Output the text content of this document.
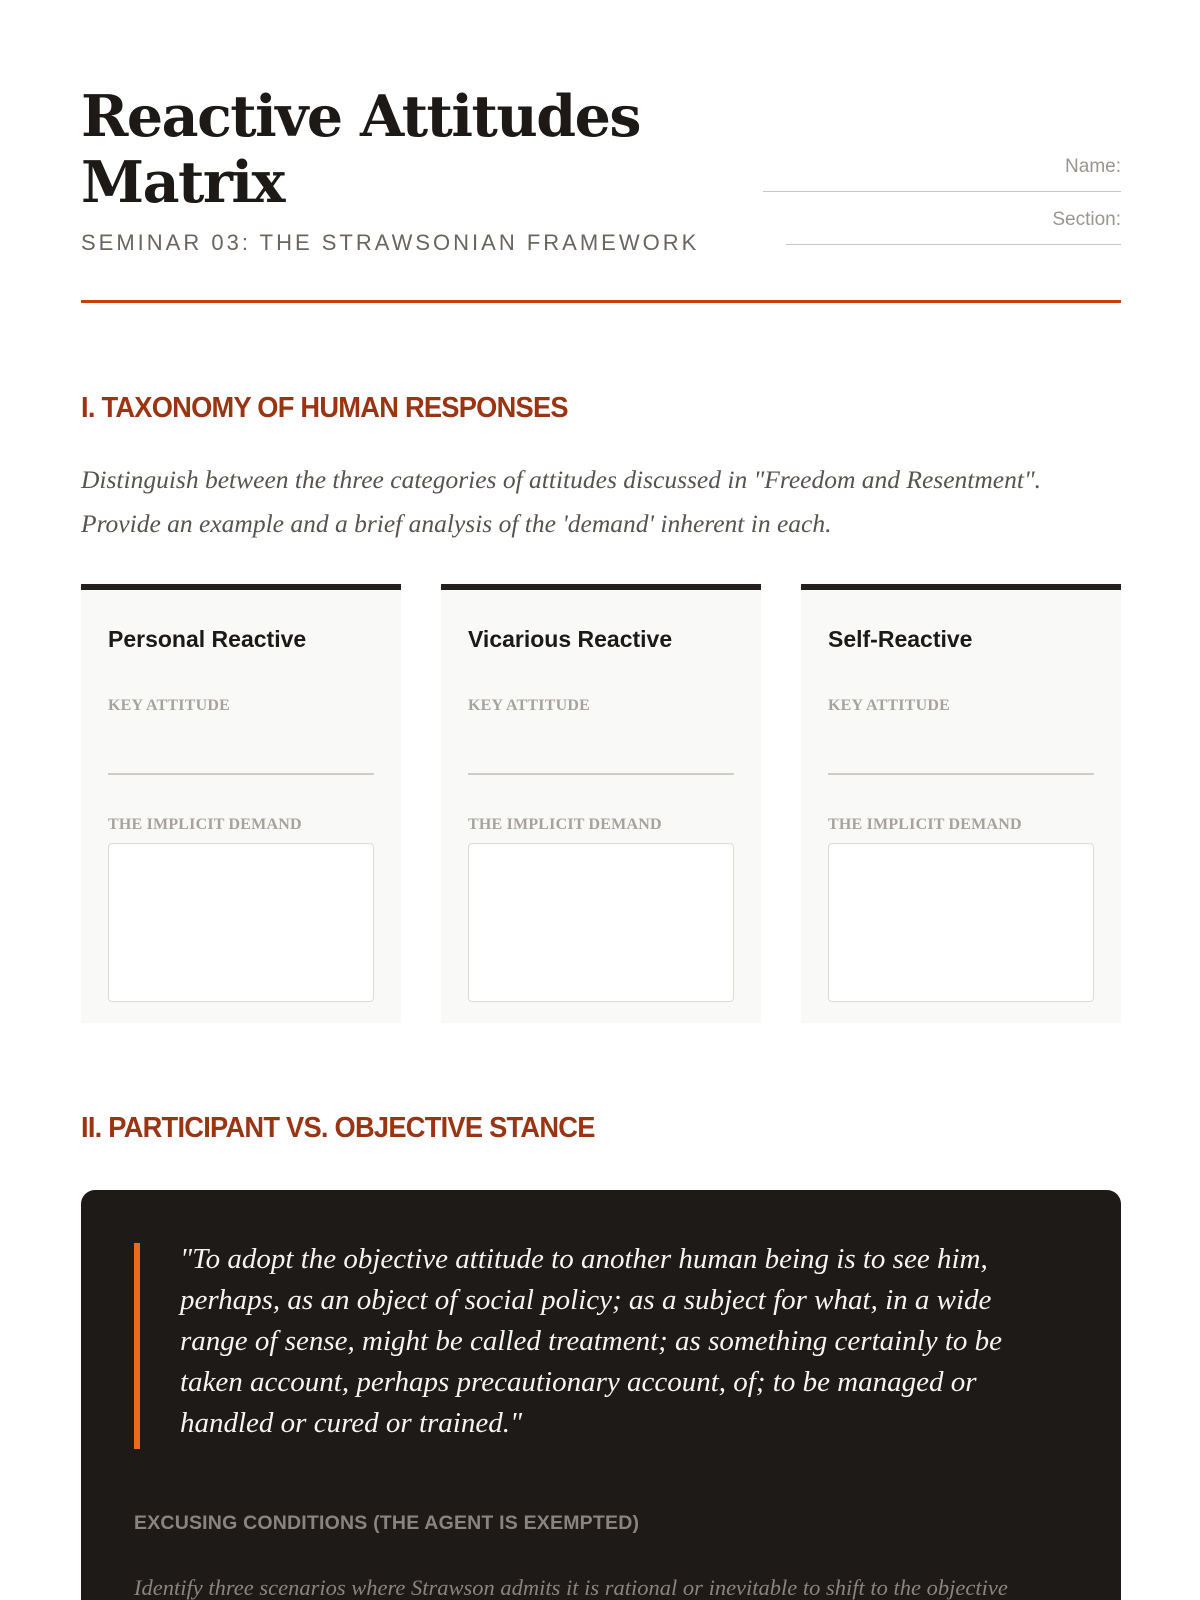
Reactive Attitudes Matrix
SEMINAR 03: THE STRAWSONIAN FRAMEWORK
Name:
Section:
I. TAXONOMY OF HUMAN RESPONSES

Distinguish between the three categories of attitudes discussed in "Freedom and Resentment". Provide an example and a brief analysis of the 'demand' inherent in each.

Personal Reactive
KEY ATTITUDE
THE IMPLICIT DEMAND
Vicarious Reactive
KEY ATTITUDE
THE IMPLICIT DEMAND
Self-Reactive
KEY ATTITUDE
THE IMPLICIT DEMAND
II. PARTICIPANT VS. OBJECTIVE STANCE
"To adopt the objective attitude to another human being is to see him, perhaps, as an object of social policy; as a subject for what, in a wide range of sense, might be called treatment; as something certainly to be taken account, perhaps precautionary account, of; to be managed or handled or cured or trained."
EXCUSING CONDITIONS (THE AGENT IS EXEMPTED)

Identify three scenarios where Strawson admits it is rational or inevitable to shift to the objective
